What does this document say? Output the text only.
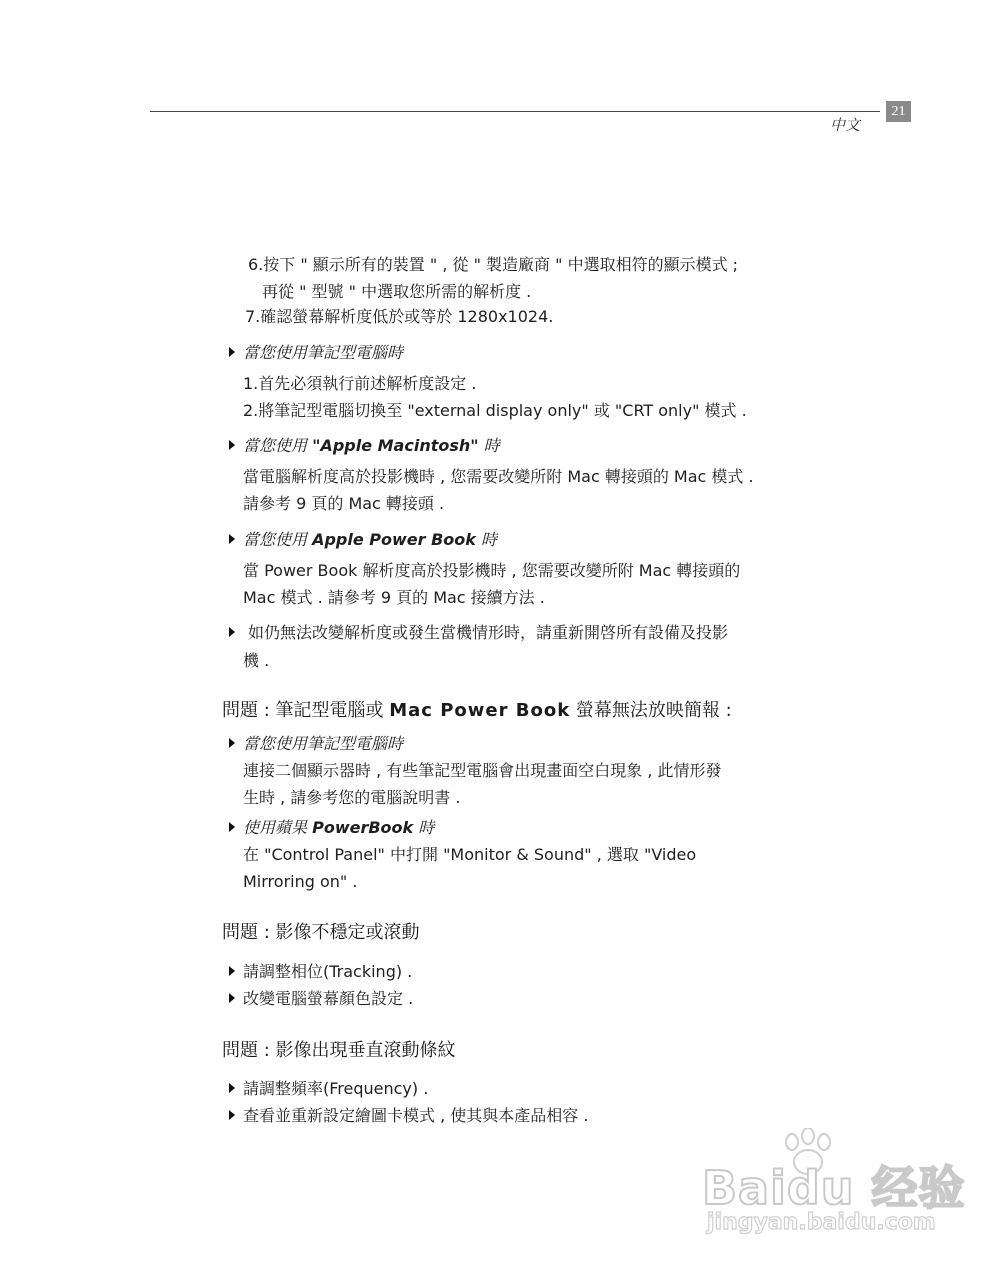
中文
21
6.按下 " 顯示所有的裝置 " , 從 " 製造廠商 " 中選取相符的顯示模式 ;
再從 " 型號 " 中選取您所需的解析度 .
7.確認螢幕解析度低於或等於 1280x1024.
當您使用筆記型電腦時
1.首先必須執行前述解析度設定 .
2.將筆記型電腦切換至 "external display only" 或 "CRT only" 模式 .
當您使用 "Apple Macintosh" 時
當電腦解析度高於投影機時 , 您需要改變所附 Mac 轉接頭的 Mac 模式 .
請參考 9 頁的 Mac 轉接頭 .
當您使用 Apple Power Book 時
當 Power Book 解析度高於投影機時 , 您需要改變所附 Mac 轉接頭的
Mac 模式 . 請參考 9 頁的 Mac 接續方法 .
如仍無法改變解析度或發生當機情形時，請重新開啓所有設備及投影
機 .
問題 : 筆記型電腦或 Mac Power Book 螢幕無法放映簡報 :
當您使用筆記型電腦時
連接二個顯示器時 , 有些筆記型電腦會出現畫面空白現象 , 此情形發
生時 , 請參考您的電腦說明書 .
使用蘋果 PowerBook 時
在 "Control Panel" 中打開 "Monitor & Sound" , 選取 "Video
Mirroring on" .
問題 : 影像不穩定或滾動
請調整相位(Tracking) .
改變電腦螢幕顏色設定 .
問題 : 影像出現垂直滾動條紋
請調整頻率(Frequency) .
查看並重新設定繪圖卡模式 , 使其與本產品相容 .
Baidu 经验
jingyan.baidu.com
